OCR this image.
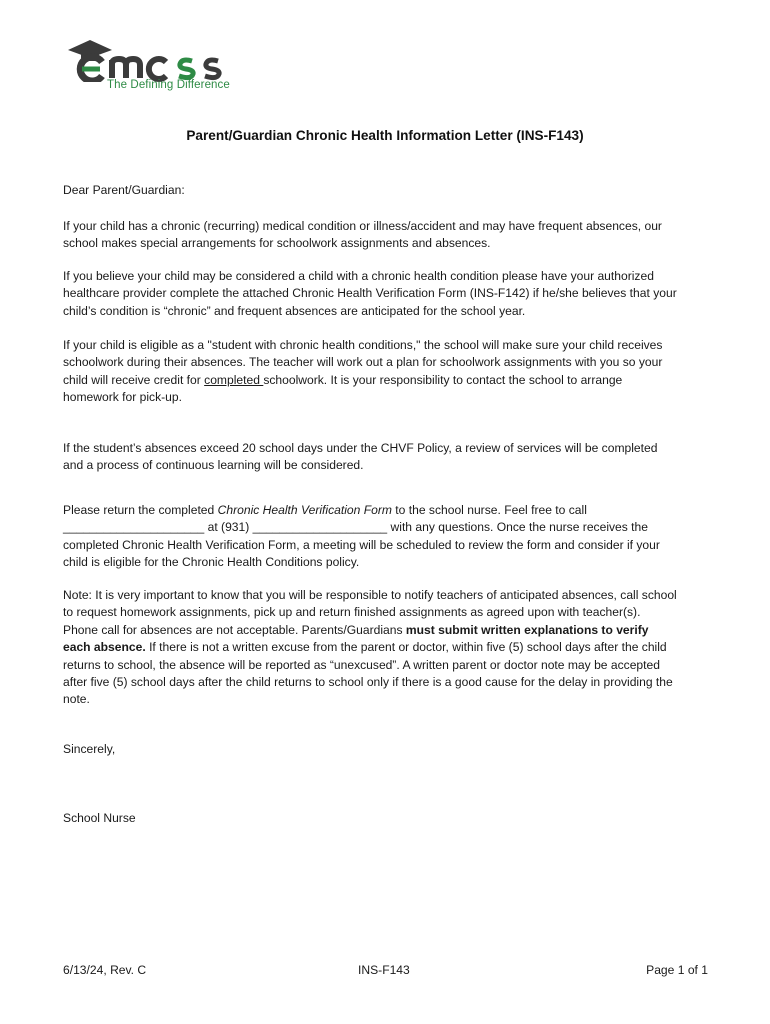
The Defining Difference
Parent/Guardian Chronic Health Information Letter (INS-F143)

Dear Parent/Guardian:

If your child has a chronic (recurring) medical condition or illness/accident and may have frequent absences, our
school makes special arrangements for schoolwork assignments and absences.

If you believe your child may be considered a child with a chronic health condition please have your authorized
healthcare provider complete the attached Chronic Health Verification Form (INS-F142) if he/she believes that your
child’s condition is “chronic” and frequent absences are anticipated for the school year.

If your child is eligible as a "student with chronic health conditions," the school will make sure your child receives
schoolwork during their absences. The teacher will work out a plan for schoolwork assignments with you so your
child will receive credit for completed schoolwork. It is your responsibility to contact the school to arrange
homework for pick-up.

If the student’s absences exceed 20 school days under the CHVF Policy, a review of services will be completed
and a process of continuous learning will be considered.

Please return the completed Chronic Health Verification Form to the school nurse. Feel free to call
_____________________ at (931) ____________________ with any questions. Once the nurse receives the
completed Chronic Health Verification Form, a meeting will be scheduled to review the form and consider if your
child is eligible for the Chronic Health Conditions policy.

Note: It is very important to know that you will be responsible to notify teachers of anticipated absences, call school
to request homework assignments, pick up and return finished assignments as agreed upon with teacher(s).
Phone call for absences are not acceptable. Parents/Guardians must submit written explanations to verify
each absence. If there is not a written excuse from the parent or doctor, within five (5) school days after the child
returns to school, the absence will be reported as “unexcused”. A written parent or doctor note may be accepted
after five (5) school days after the child returns to school only if there is a good cause for the delay in providing the
note.

Sincerely,

School Nurse

6/13/24, Rev. C	INS-F143	Page 1 of 1
